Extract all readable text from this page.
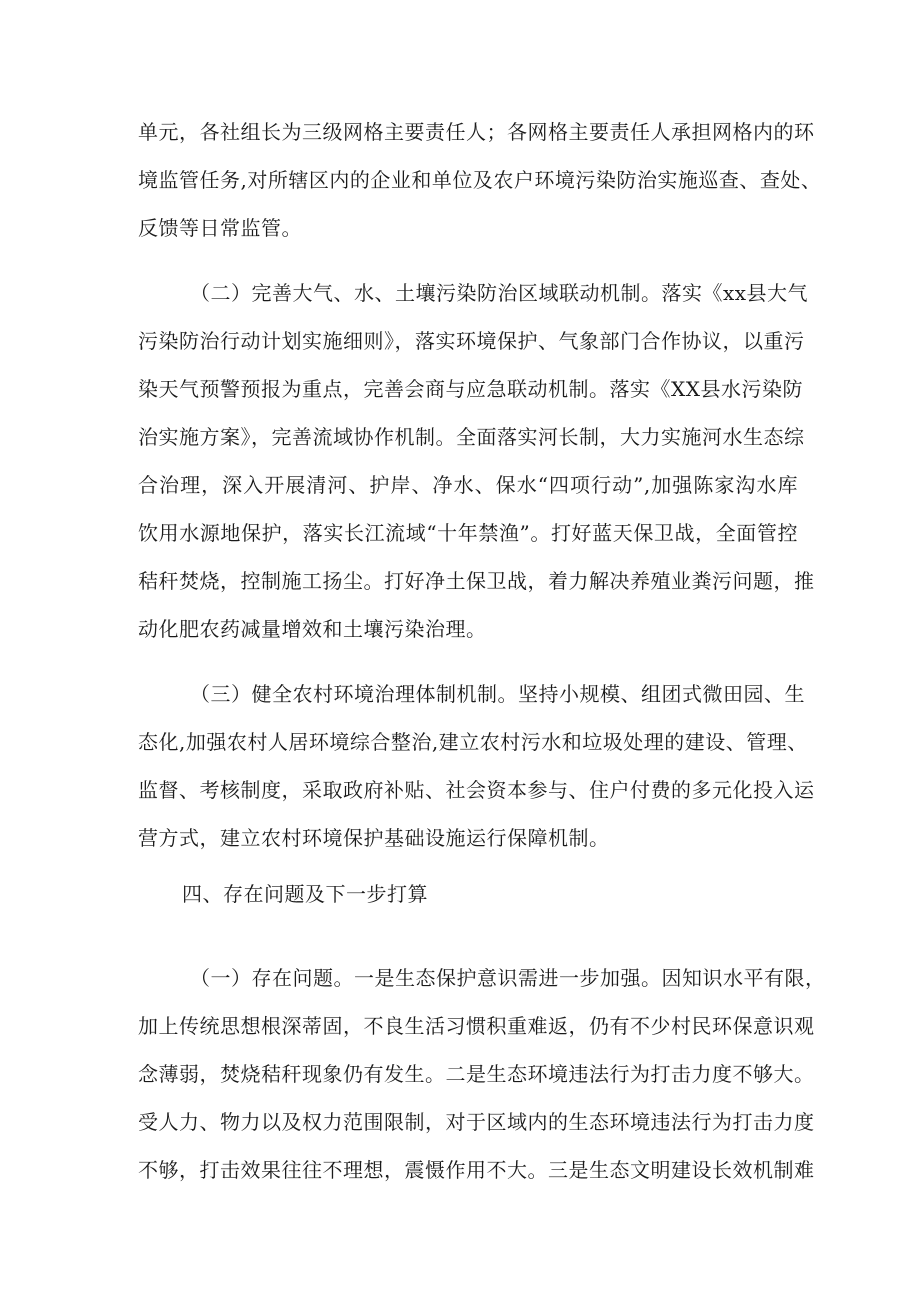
单元，各社组长为三级网格主要责任人；各网格主要责任人承担网格内的环
境监管任务,对所辖区内的企业和单位及农户环境污染防治实施巡查、查处、
反馈等日常监管。
（二）完善大气、水、土壤污染防治区域联动机制。落实《xx县大气
污染防治行动计划实施细则》，落实环境保护、气象部门合作协议，以重污
染天气预警预报为重点，完善会商与应急联动机制。落实《XX县水污染防
治实施方案》，完善流域协作机制。全面落实河长制，大力实施河水生态综
合治理，深入开展清河、护岸、净水、保水“四项行动”,加强陈家沟水库
饮用水源地保护，落实长江流域“十年禁渔”。打好蓝天保卫战，全面管控
秸秆焚烧，控制施工扬尘。打好净土保卫战，着力解决养殖业粪污问题，推
动化肥农药减量增效和土壤污染治理。
（三）健全农村环境治理体制机制。坚持小规模、组团式微田园、生
态化,加强农村人居环境综合整治,建立农村污水和垃圾处理的建设、管理、
监督、考核制度，采取政府补贴、社会资本参与、住户付费的多元化投入运
营方式，建立农村环境保护基础设施运行保障机制。
四、存在问题及下一步打算
（一）存在问题。一是生态保护意识需进一步加强。因知识水平有限，
加上传统思想根深蒂固，不良生活习惯积重难返，仍有不少村民环保意识观
念薄弱，焚烧秸秆现象仍有发生。二是生态环境违法行为打击力度不够大。
受人力、物力以及权力范围限制，对于区域内的生态环境违法行为打击力度
不够，打击效果往往不理想，震慑作用不大。三是生态文明建设长效机制难
